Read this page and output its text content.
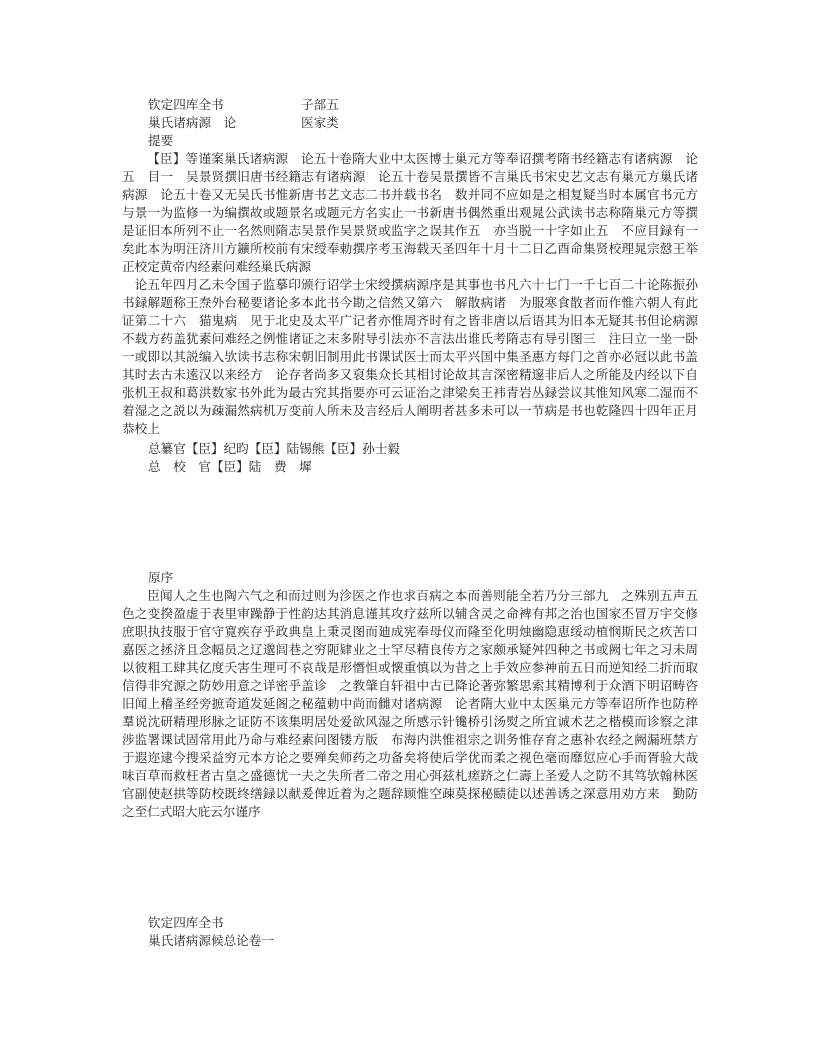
钦定四库全书	子部五
巢氏诸病源　论	医家类
提要
【臣】等谨案巢氏诸病源　论五十卷隋大业中太医博士巢元方等奉诏撰考隋书经籍志有诸病源　论五　目一　吴景贤撰旧唐书经籍志有诸病源　论五十卷吴景撰皆不言巢氏书宋史艺文志有巢元方巢氏诸病源　论五十卷又无吴氏书惟新唐书艺文志二书并载书名　数并同不应如是之相复疑当时本属官书元方与景一为监修一为编撰故或题景名或题元方名实止一书新唐书偶然重出观晁公武读书志称隋巢元方等撰是证旧本所列不止一名然则隋志吴景作吴景贤或监字之误其作五　亦当脱一十字如止五　不应目録有一　矣此本为明汪济川方鑛所校前有宋绶奉勅撰序考玉海载天圣四年十月十二日乙酉命集贤校理晁宗慤王举正校定黄帝内经素问难经巢氏病源
论五年四月乙未令国子监摹印颁行诏学士宋绶撰病源序是其事也书凡六十七门一千七百二十论陈振孙书録解题称王焘外台秘要诸论多本此书今勘之信然又第六　解散病诸　为服寒食散者而作惟六朝人有此证第二十六　猫鬼病　见于北史及太平广记者亦惟周齐时有之皆非唐以后语其为旧本无疑其书但论病源不载方药盖犹素问难经之例惟诸证之末多附导引法亦不言法出谁氏考隋志有导引图三　注曰立一坐一卧一或即以其説编入欤读书志称宋朝旧制用此书课试医士而太平兴国中集圣惠方每门之首亦必冠以此书盖其时去古未逺汉以来经方　论存者尚多又裒集众长其相讨论故其言深密精邃非后人之所能及内经以下自张机王叔和葛洪数家书外此为最古究其指要亦可云证治之津梁矣王袆青岩丛録尝议其惟知风寒二湿而不着湿之之説以为疎漏然病机万变前人所未及言经后人阐明者甚多未可以一节病是书也乾隆四十四年正月恭校上
总纂官【臣】纪昀【臣】陆锡熊【臣】孙士毅
总　校　官【臣】陆　费　墀
原序
臣闻人之生也陶六气之和而过则为沴医之作也求百病之本而善则能全若乃分三部九　之殊别五声五色之变揆盈虚于表里审躁静于性韵达其消息谨其攻疗兹所以辅含灵之命裨有邦之治也国家丕冒万宇交修庶职执技服于官守寛疾存乎政典皇上秉灵图而廸成宪奉母仪而隆至化明烛幽隐恵绥动植悯斯民之疚苦口嘉医之拯济且念幅员之辽邈闾巷之穷阨肄业之士罕尽精良传方之家颇承疑舛四种之书或阙七年之习未周以彼粗工肆其亿度夭害生理可不哀哉是形憯怛或懐重慎以为昔之上手效应参神前五日而逆知经二折而取信得非究源之防妙用意之详密乎盖诊　之教肇自轩祖中古已降论著弥繁思索其精博利于众酒下明诏畴咨旧闻上稽圣经旁摭奇道发延阁之秘蕴勅中尚而雠对诸病源　论者隋大业中太医巢元方等奉诏所作也防稡羣说沈研精理形脉之证防不该集明居处爱欲风湿之所感示针镵桥引汤熨之所宜诚术艺之楷模而诊察之津涉监署课试固常用此乃命与难经素问图镂方版　布海内洪惟祖宗之训务惟存育之惠补农经之阙漏班禁方于遐迩逮今搜采益穷元本方论之要殚矣师药之功备矣将使后学优而柔之视色毫而靡愆应心手而胥验大哉味百草而救枉者古皇之盛德忧一夫之失所者二帝之用心弭兹札瘥跻之仁壽上圣爱人之防不其笃欤翰林医官副使赵拱等防校既终缮録以献爰俾近着为之题辞顾惟空疎莫探秘赜徒以述善诱之深意用劝方来　勤防之至仁式昭大庇云尔谨序
钦定四库全书
巢氏诸病源候总论卷一
